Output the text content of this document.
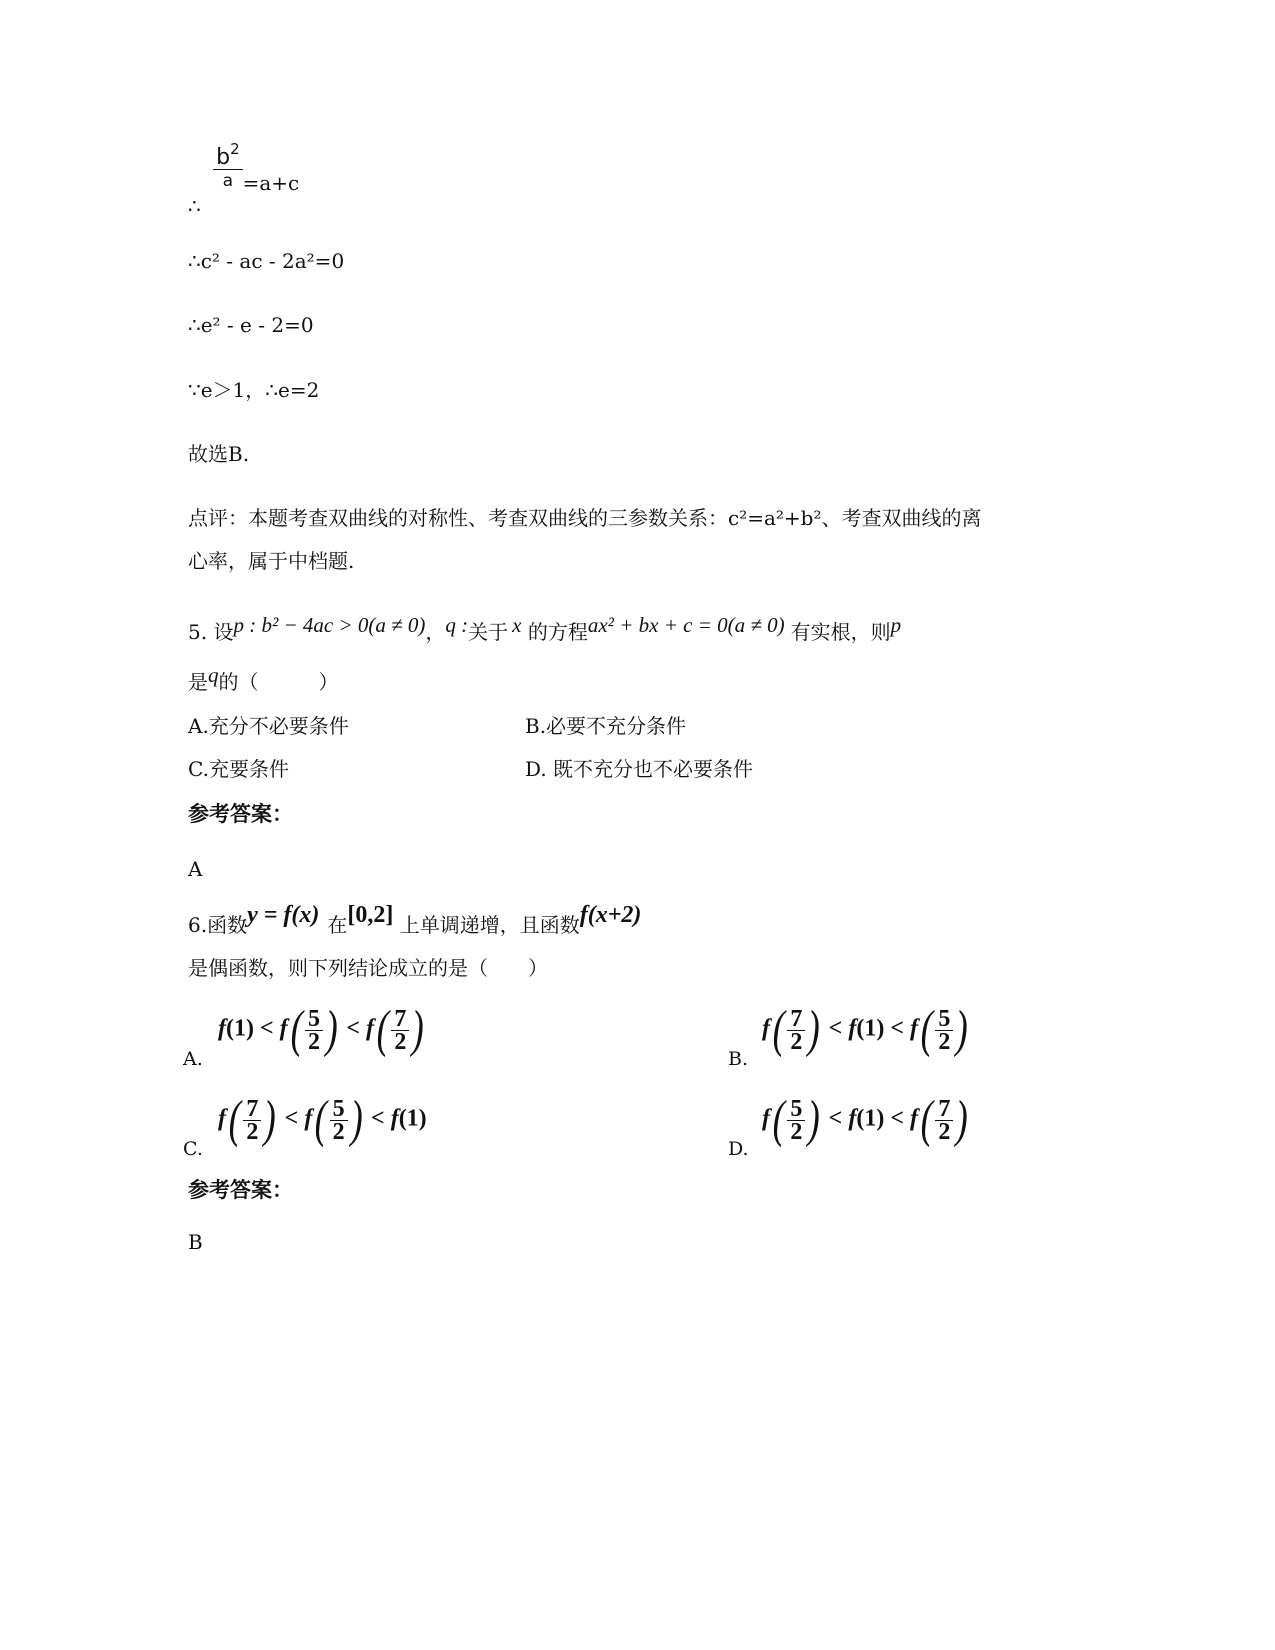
∴
$\frac{b^2}{a} =a+c$
∴c² - ac - 2a²=0
∴e² - e - 2=0
∵e＞1，∴e=2
故选B.
点评：本题考查双曲线的对称性、考查双曲线的三参数关系：c²=a²+b²、考查双曲线的离
心率，属于中档题.
5. 设p : b² − 4ac > 0(a ≠ 0)，q :关于 x 的方程ax² + bx + c = 0(a ≠ 0) 有实根，则p
是q的（　　　）
A.充分不必要条件	B.必要不充分条件
C.充要条件	D. 既不充分也不必要条件
参考答案：
A
6.函数y = f(x) 在[0,2] 上单调递增，且函数f(x+2)
是偶函数，则下列结论成立的是（　　）
A.
f(1) < f ( $\frac{5}{2}$ ) < f ( $\frac{7}{2}$ )
B.
f ( $\frac{7}{2}$ ) < f(1) < f ( $\frac{5}{2}$ )
C.
f ( $\frac{7}{2}$ ) < f ( $\frac{5}{2}$ ) < f(1)
D.
f ( $\frac{5}{2}$ ) < f(1) < f ( $\frac{7}{2}$ )
参考答案：
B
